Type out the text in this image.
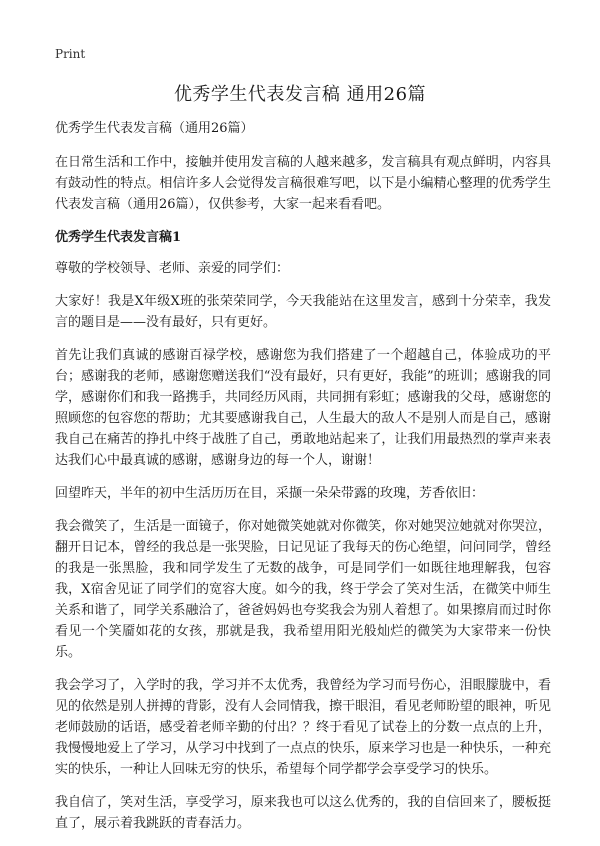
Print
优秀学生代表发言稿 通用26篇

优秀学生代表发言稿（通用26篇）

在日常生活和工作中，接触并使用发言稿的人越来越多，发言稿具有观点鲜明，内容具有鼓动性的特点。相信许多人会觉得发言稿很难写吧，以下是小编精心整理的优秀学生代表发言稿（通用26篇），仅供参考，大家一起来看看吧。

优秀学生代表发言稿1

尊敬的学校领导、老师、亲爱的同学们：

大家好！我是X年级X班的张荣荣同学，今天我能站在这里发言，感到十分荣幸，我发言的题目是——没有最好，只有更好。

首先让我们真诚的感谢百禄学校，感谢您为我们搭建了一个超越自己，体验成功的平台；感谢我的老师，感谢您赠送我们“没有最好，只有更好，我能”的班训；感谢我的同学，感谢你们和我一路携手，共同经历风雨，共同拥有彩虹；感谢我的父母，感谢您的照顾您的包容您的帮助；尤其要感谢我自己，人生最大的敌人不是别人而是自己，感谢我自己在痛苦的挣扎中终于战胜了自己，勇敢地站起来了，让我们用最热烈的掌声来表达我们心中最真诚的感谢，感谢身边的每一个人，谢谢！

回望昨天，半年的初中生活历历在目，采撷一朵朵带露的玫瑰，芳香依旧：

我会微笑了，生活是一面镜子，你对她微笑她就对你微笑，你对她哭泣她就对你哭泣，翻开日记本，曾经的我总是一张哭脸，日记见证了我每天的伤心绝望，问问同学，曾经的我是一张黑脸，我和同学发生了无数的战争，可是同学们一如既往地理解我，包容我，X宿舍见证了同学们的宽容大度。如今的我，终于学会了笑对生活，在微笑中师生关系和谐了，同学关系融洽了，爸爸妈妈也夸奖我会为别人着想了。如果擦肩而过时你看见一个笑靥如花的女孩，那就是我，我希望用阳光般灿烂的微笑为大家带来一份快乐。

我会学习了，入学时的我，学习并不太优秀，我曾经为学习而号伤心，泪眼朦胧中，看见的依然是别人拼搏的背影，没有人会同情我，擦干眼泪，看见老师盼望的眼神，听见老师鼓励的话语，感受着老师辛勤的付出？？终于看见了试卷上的分数一点点的上升，我慢慢地爱上了学习，从学习中找到了一点点的快乐，原来学习也是一种快乐，一种充实的快乐，一种让人回味无穷的快乐，希望每个同学都学会享受学习的快乐。

我自信了，笑对生活，享受学习，原来我也可以这么优秀的，我的自信回来了，腰板挺直了，展示着我跳跃的青春活力。
